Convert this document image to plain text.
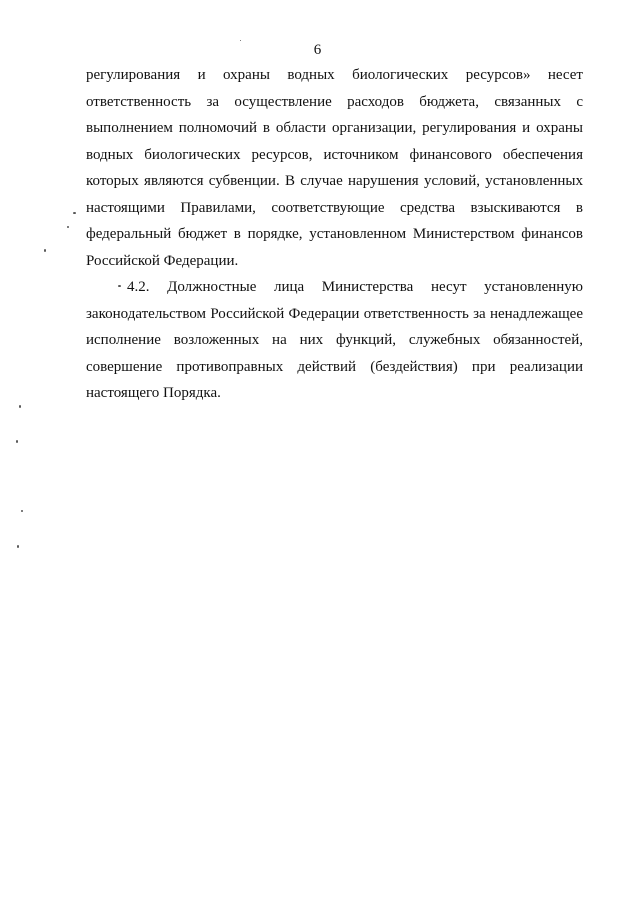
6
регулирования и охраны водных биологических ресурсов» несет
ответственность за осуществление расходов бюджета, связанных с
выполнением полномочий в области организации, регулирования и охраны
водных биологических ресурсов, источником финансового обеспечения
которых являются субвенции. В случае нарушения условий, установленных
настоящими Правилами, соответствующие средства взыскиваются в
федеральный бюджет в порядке, установленном Министерством финансов
Российской Федерации.
4.2. Должностные лица Министерства несут установленную
законодательством Российской Федерации ответственность за ненадлежащее
исполнение возложенных на них функций, служебных обязанностей,
совершение противоправных действий (бездействия) при реализации
настоящего Порядка.
